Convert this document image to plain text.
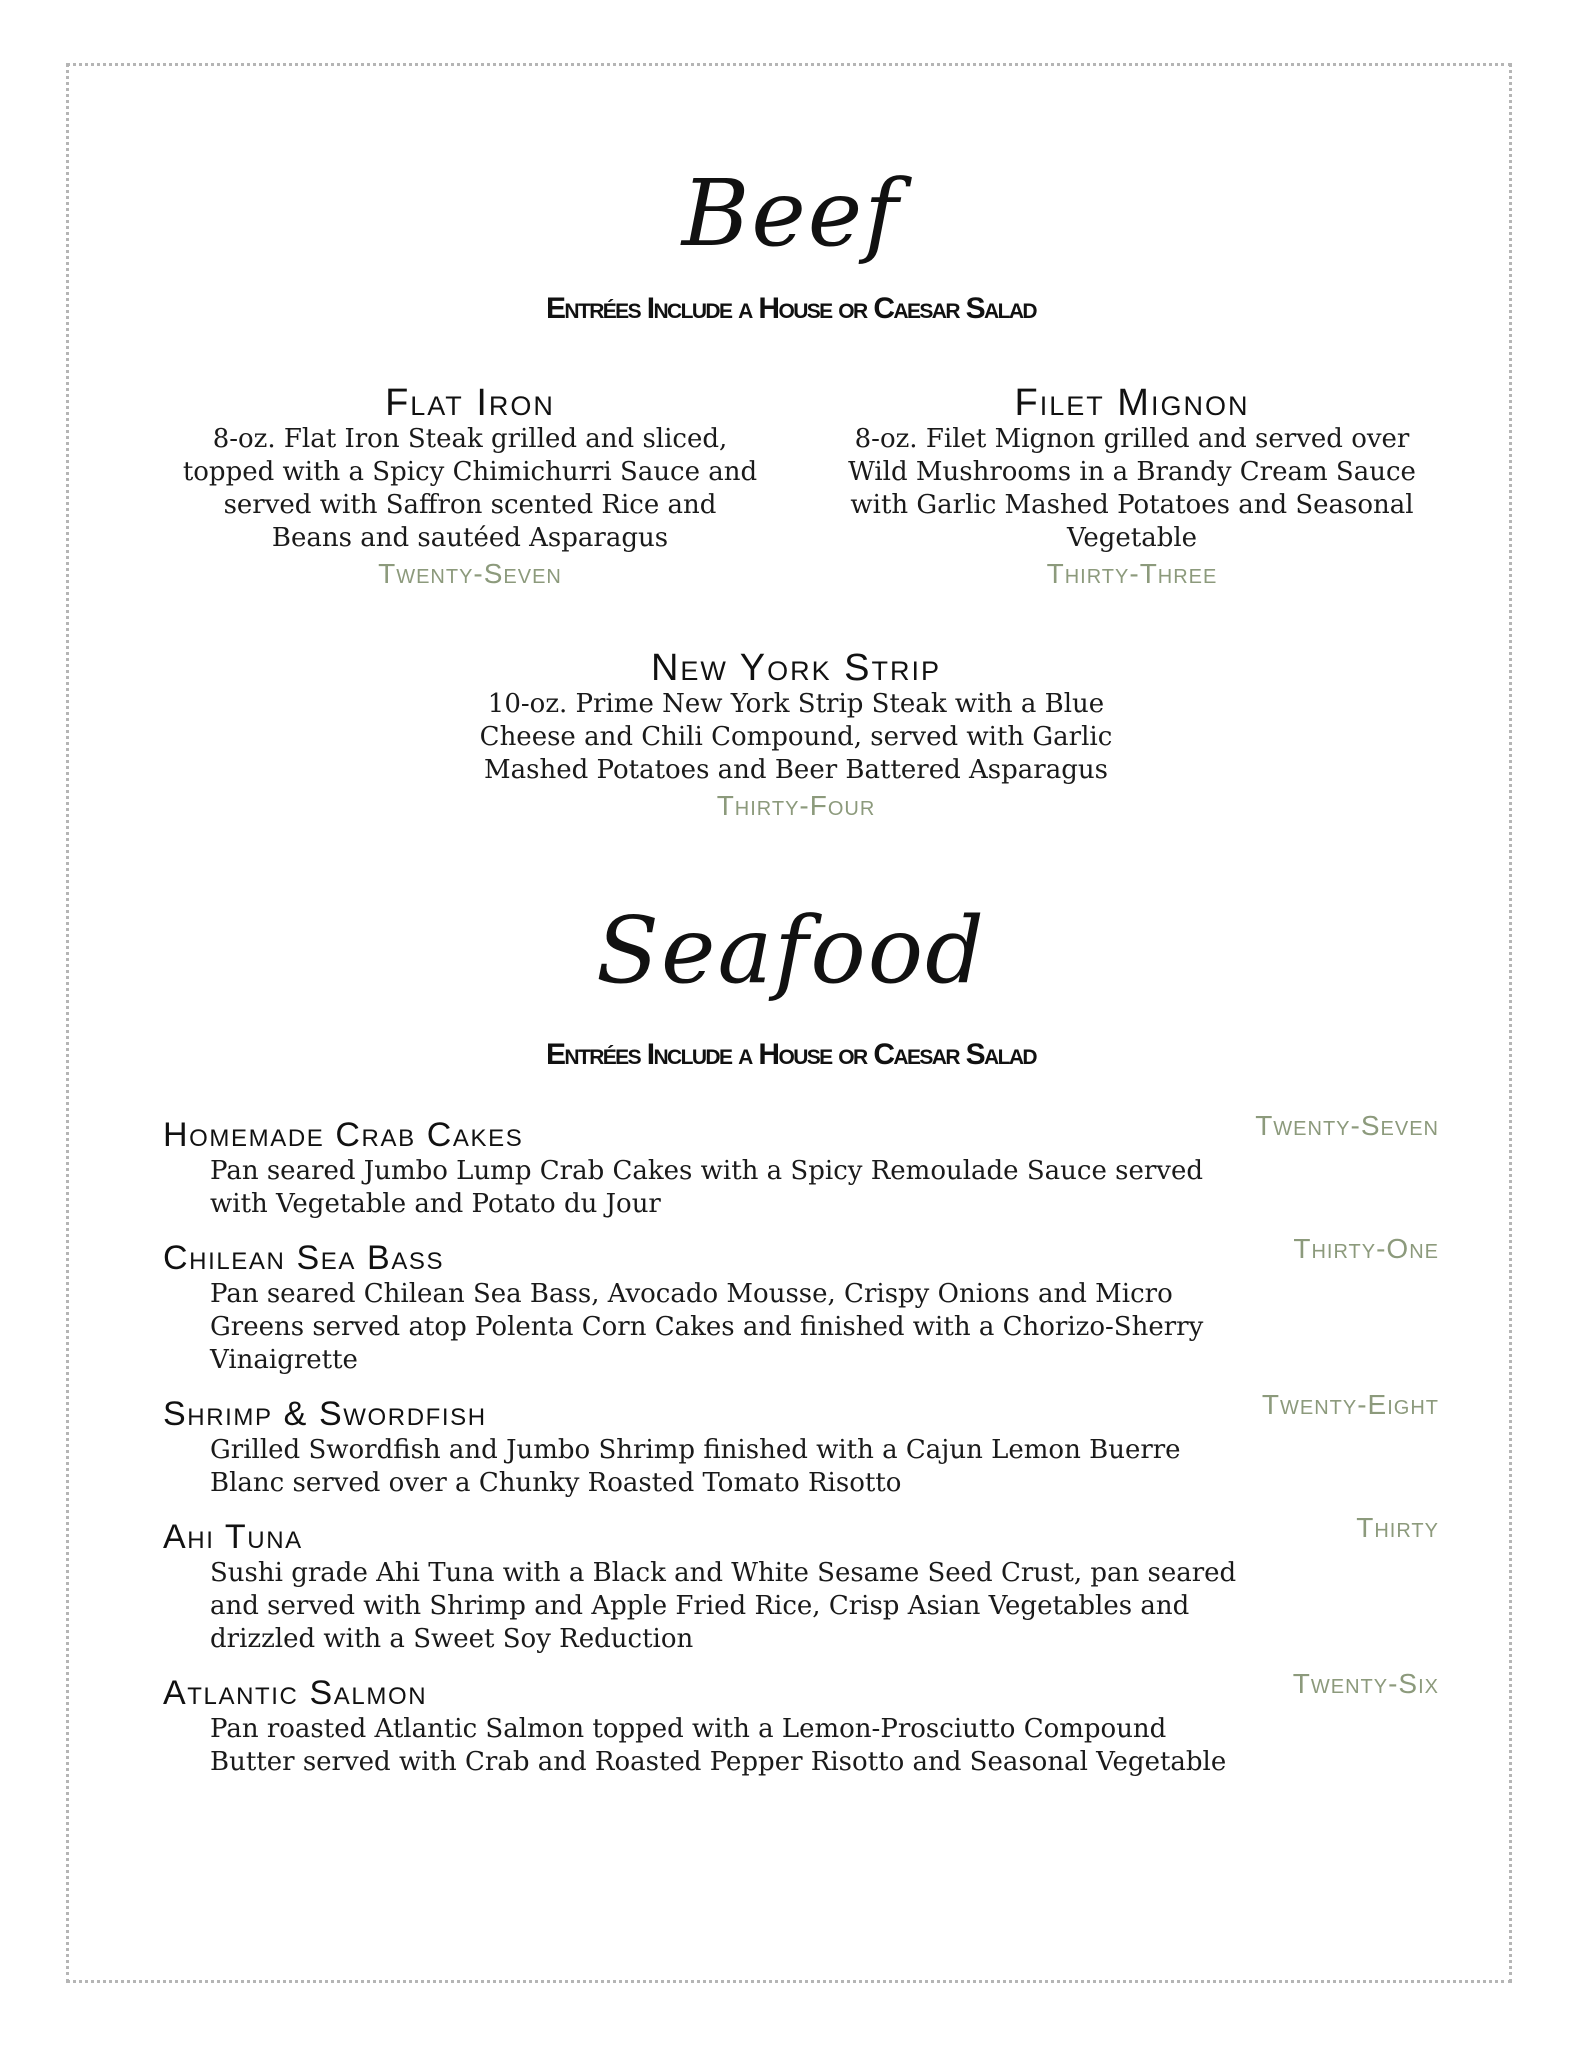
Beef

Entrées Include a House or Caesar Salad

Flat Iron

8-oz. Flat Iron Steak grilled and sliced, topped with a Spicy Chimichurri Sauce and served with Saffron scented Rice and Beans and sautéed Asparagus

Twenty-Seven

Filet Mignon

8-oz. Filet Mignon grilled and served over Wild Mushrooms in a Brandy Cream Sauce with Garlic Mashed Potatoes and Seasonal Vegetable

Thirty-Three

New York Strip

10-oz. Prime New York Strip Steak with a Blue Cheese and Chili Compound, served with Garlic Mashed Potatoes and Beer Battered Asparagus

Thirty-Four

Seafood

Entrées Include a House or Caesar Salad

Homemade Crab Cakes	Twenty-Seven

Pan seared Jumbo Lump Crab Cakes with a Spicy Remoulade Sauce served with Vegetable and Potato du Jour

Chilean Sea Bass	Thirty-One

Pan seared Chilean Sea Bass, Avocado Mousse, Crispy Onions and Micro Greens served atop Polenta Corn Cakes and finished with a Chorizo-Sherry Vinaigrette

Shrimp & Swordfish	Twenty-Eight

Grilled Swordfish and Jumbo Shrimp finished with a Cajun Lemon Buerre Blanc served over a Chunky Roasted Tomato Risotto

Ahi Tuna	Thirty

Sushi grade Ahi Tuna with a Black and White Sesame Seed Crust, pan seared and served with Shrimp and Apple Fried Rice, Crisp Asian Vegetables and drizzled with a Sweet Soy Reduction

Atlantic Salmon	Twenty-Six

Pan roasted Atlantic Salmon topped with a Lemon-Prosciutto Compound Butter served with Crab and Roasted Pepper Risotto and Seasonal Vegetable
